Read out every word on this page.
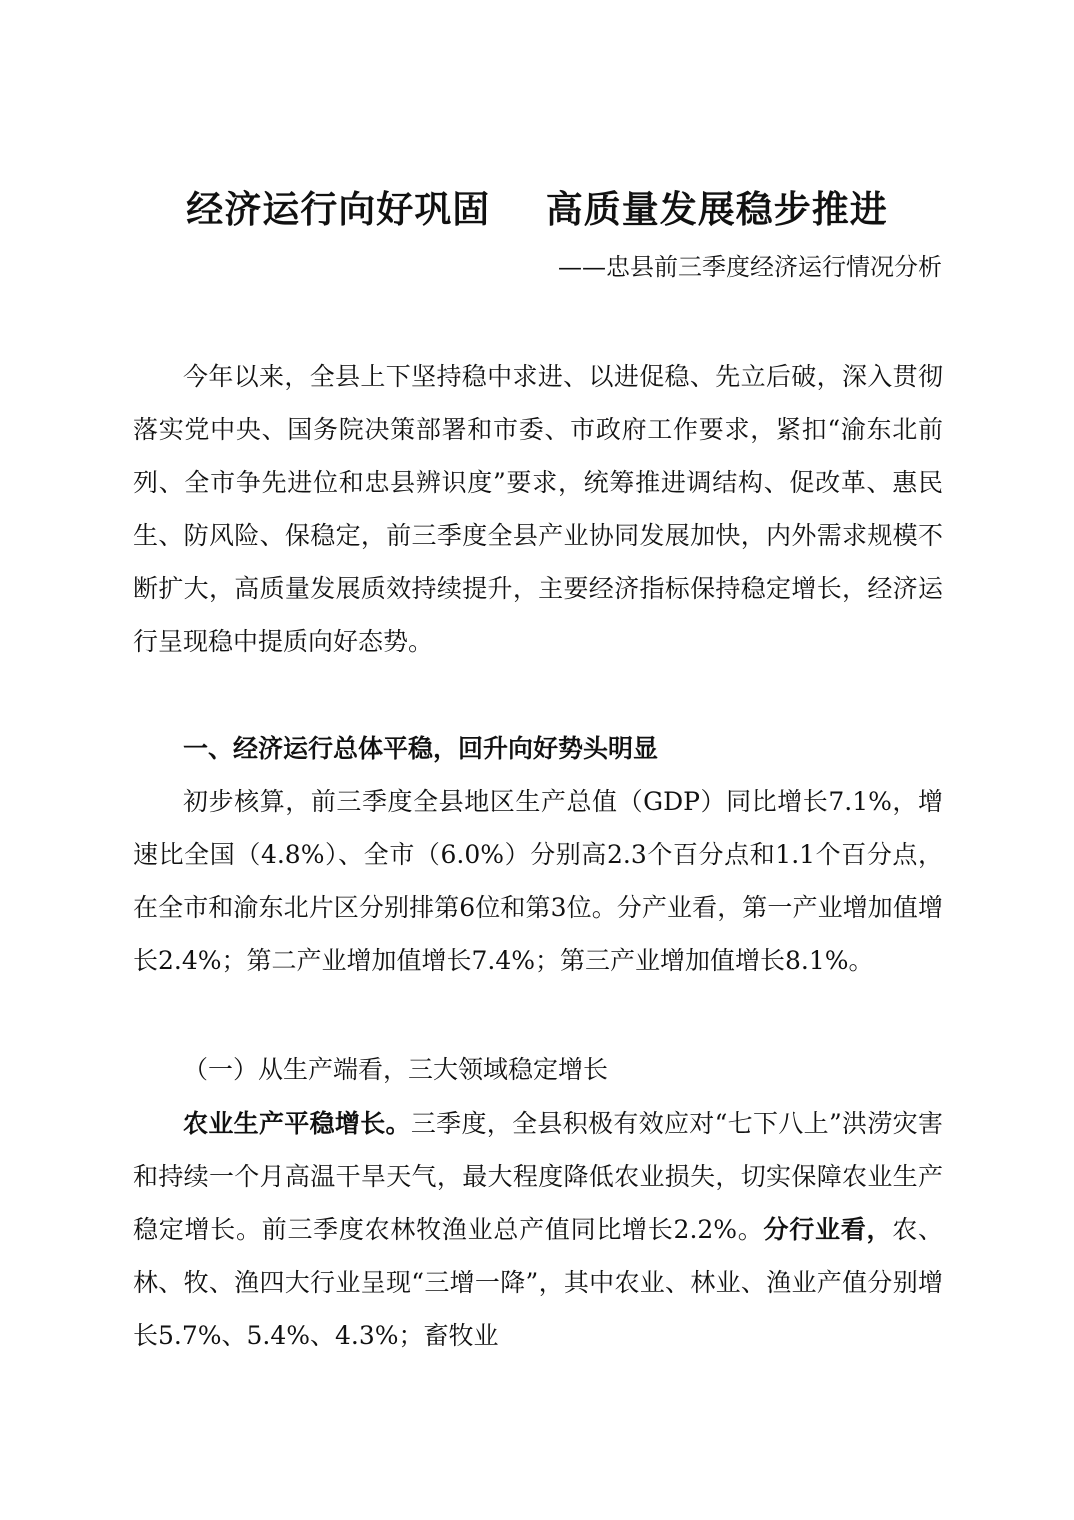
经济运行向好巩固    高质量发展稳步推进
——忠县前三季度经济运行情况分析

今年以来，全县上下坚持稳中求进、以进促稳、先立后破，深入贯彻落实党中央、国务院决策部署和市委、市政府工作要求，紧扣“渝东北前列、全市争先进位和忠县辨识度”要求，统筹推进调结构、促改革、惠民生、防风险、保稳定，前三季度全县产业协同发展加快，内外需求规模不断扩大，高质量发展质效持续提升，主要经济指标保持稳定增长，经济运行呈现稳中提质向好态势。

一、经济运行总体平稳，回升向好势头明显

初步核算，前三季度全县地区生产总值（GDP）同比增长7.1%，增速比全国（4.8%）、全市（6.0%）分别高2.3个百分点和1.1个百分点，在全市和渝东北片区分别排第6位和第3位。分产业看，第一产业增加值增长2.4%；第二产业增加值增长7.4%；第三产业增加值增长8.1%。

（一）从生产端看，三大领域稳定增长

农业生产平稳增长。三季度，全县积极有效应对“七下八上”洪涝灾害和持续一个月高温干旱天气，最大程度降低农业损失，切实保障农业生产稳定增长。前三季度农林牧渔业总产值同比增长2.2%。分行业看，农、林、牧、渔四大行业呈现“三增一降”，其中农业、林业、渔业产值分别增长5.7%、5.4%、4.3%；畜牧业
